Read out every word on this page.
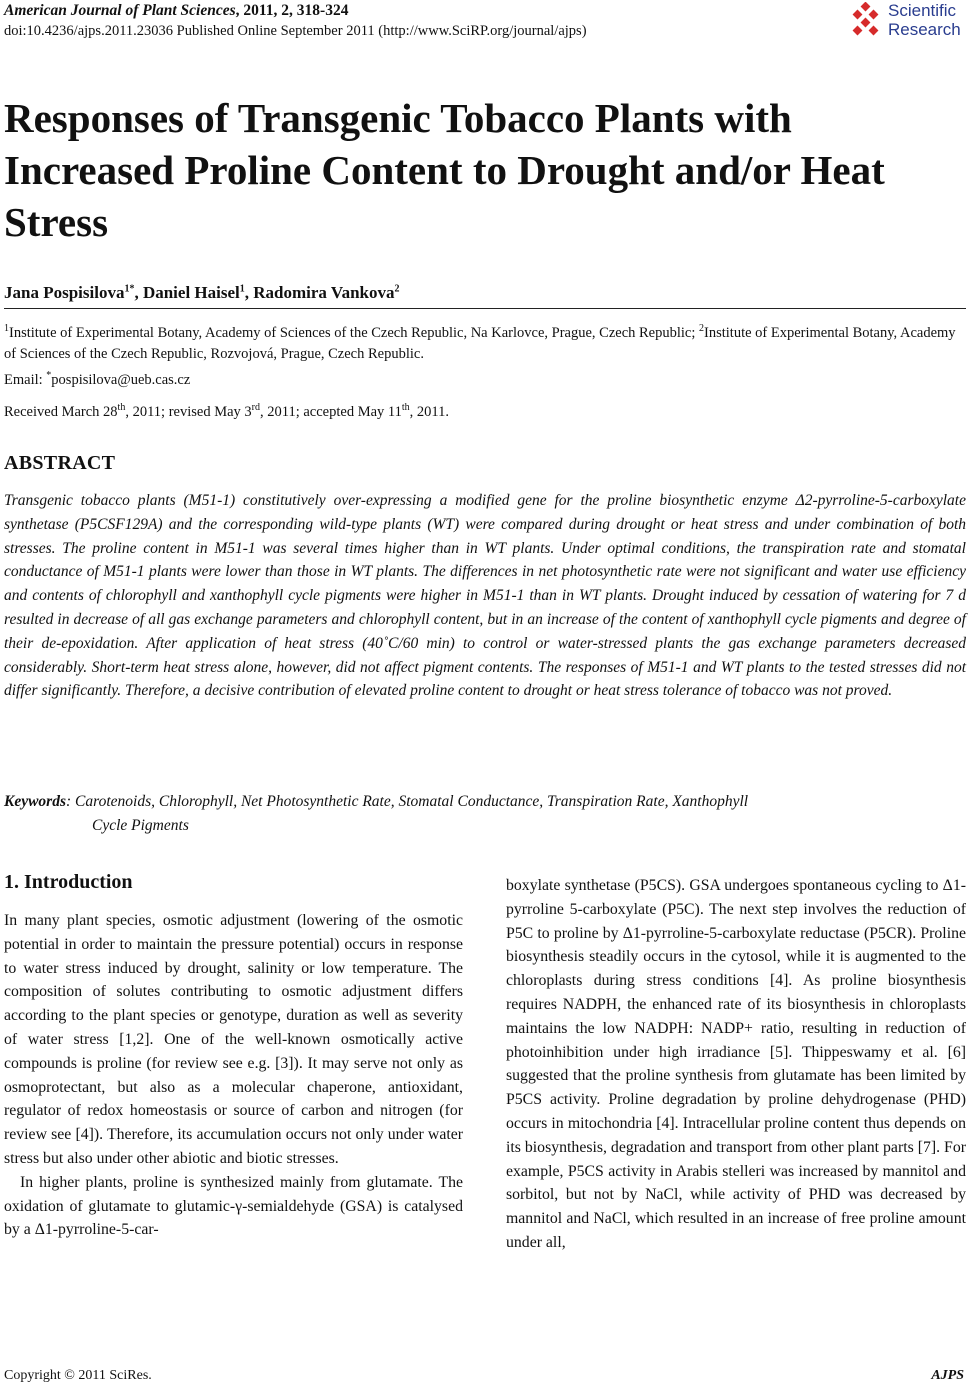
American Journal of Plant Sciences, 2011, 2, 318-324
doi:10.4236/ajps.2011.23036 Published Online September 2011 (http://www.SciRP.org/journal/ajps)
Scientific
Research
Responses of Transgenic Tobacco Plants with Increased Proline Content to Drought and/or Heat Stress
Jana Pospisilova$^{1*}$, Daniel Haisel$^1$, Radomira Vankova$^2$
$^1$Institute of Experimental Botany, Academy of Sciences of the Czech Republic, Na Karlovce, Prague, Czech Republic; $^2$Institute of Experimental Botany, Academy of Sciences of the Czech Republic, Rozvojová, Prague, Czech Republic.
Email: *pospisilova@ueb.cas.cz
Received March 28th, 2011; revised May 3rd, 2011; accepted May 11th, 2011.
ABSTRACT
Transgenic tobacco plants (M51-1) constitutively over-expressing a modified gene for the proline biosynthetic enzyme Δ2-pyrroline-5-carboxylate synthetase (P5CSF129A) and the corresponding wild-type plants (WT) were compared during drought or heat stress and under combination of both stresses. The proline content in M51-1 was several times higher than in WT plants. Under optimal conditions, the transpiration rate and stomatal conductance of M51-1 plants were lower than those in WT plants. The differences in net photosynthetic rate were not significant and water use efficiency and contents of chlorophyll and xanthophyll cycle pigments were higher in M51-1 than in WT plants. Drought induced by cessation of watering for 7 d resulted in decrease of all gas exchange parameters and chlorophyll content, but in an increase of the content of xanthophyll cycle pigments and degree of their de-epoxidation. After application of heat stress (40˚C/60 min) to control or water-stressed plants the gas exchange parameters decreased considerably. Short-term heat stress alone, however, did not affect pigment contents. The responses of M51-1 and WT plants to the tested stresses did not differ significantly. Therefore, a decisive contribution of elevated proline content to drought or heat stress tolerance of tobacco was not proved.
Keywords: Carotenoids, Chlorophyll, Net Photosynthetic Rate, Stomatal Conductance, Transpiration Rate, Xanthophyll
Cycle Pigments
1. Introduction

In many plant species, osmotic adjustment (lowering of the osmotic potential in order to maintain the pressure potential) occurs in response to water stress induced by drought, salinity or low temperature. The composition of solutes contributing to osmotic adjustment differs according to the plant species or genotype, duration as well as severity of water stress [1,2]. One of the well-known osmotically active compounds is proline (for review see e.g. [3]). It may serve not only as osmoprotectant, but also as a molecular chaperone, antioxidant, regulator of redox homeostasis or source of carbon and nitrogen (for review see [4]). Therefore, its accumulation occurs not only under water stress but also under other abiotic and biotic stresses.

In higher plants, proline is synthesized mainly from glutamate. The oxidation of glutamate to glutamic-γ-semialdehyde (GSA) is catalysed by a Δ1-pyrroline-5-car-

boxylate synthetase (P5CS). GSA undergoes spontaneous cycling to Δ1-pyrroline 5-carboxylate (P5C). The next step involves the reduction of P5C to proline by Δ1-pyrroline-5-carboxylate reductase (P5CR). Proline biosynthesis steadily occurs in the cytosol, while it is augmented to the chloroplasts during stress conditions [4]. As proline biosynthesis requires NADPH, the enhanced rate of its biosynthesis in chloroplasts maintains the low NADPH: NADP+ ratio, resulting in reduction of photoinhibition under high irradiance [5]. Thippeswamy et al. [6] suggested that the proline synthesis from glutamate has been limited by P5CS activity. Proline degradation by proline dehydrogenase (PHD) occurs in mitochondria [4]. Intracellular proline content thus depends on its biosynthesis, degradation and transport from other plant parts [7]. For example, P5CS activity in Arabis stelleri was increased by mannitol and sorbitol, but not by NaCl, while activity of PHD was decreased by mannitol and NaCl, which resulted in an increase of free proline amount under all,

Copyright © 2011 SciRes.	AJPS
